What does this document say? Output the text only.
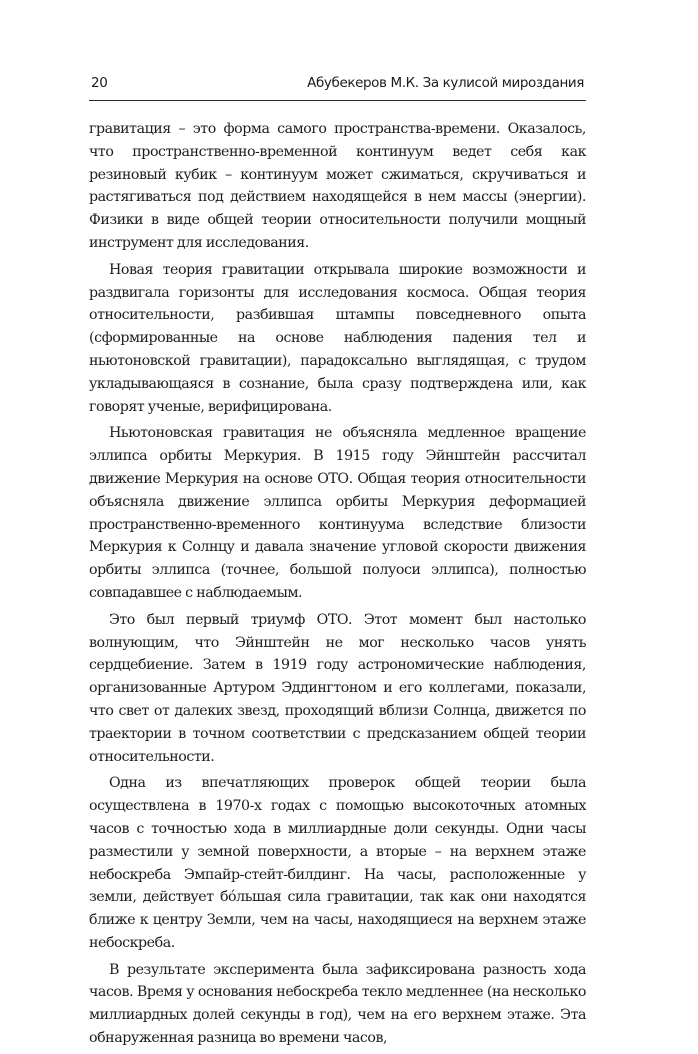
20	Абубекеров М.К. За кулисой мироздания

гравитация – это форма самого пространства-времени. Оказалось, что пространственно-временной континуум ведет себя как резиновый кубик – континуум может сжиматься, скручиваться и растягиваться под действием находящейся в нем массы (энергии). Физики в виде общей теории относительности получили мощный инструмент для исследования.

Новая теория гравитации открывала широкие возможности и раздвигала горизонты для исследования космоса. Общая теория относительности, разбившая штампы повседневного опыта (сформированные на основе наблюдения падения тел и ньютоновской гравитации), парадоксально выглядящая, с трудом укладывающаяся в сознание, была сразу подтверждена или, как говорят ученые, верифицирована.

Ньютоновская гравитация не объясняла медленное вращение эллипса орбиты Меркурия. В 1915 году Эйнштейн рассчитал движение Меркурия на основе ОТО. Общая теория относительности объясняла движение эллипса орбиты Меркурия деформацией пространственно-временного континуума вследствие близости Меркурия к Солнцу и давала значение угловой скорости движения орбиты эллипса (точнее, большой полуоси эллипса), полностью совпадавшее с наблюдаемым.

Это был первый триумф ОТО. Этот момент был настолько волнующим, что Эйнштейн не мог несколько часов унять сердцебиение. Затем в 1919 году астрономические наблюдения, организованные Артуром Эддингтоном и его коллегами, показали, что свет от далеких звезд, проходящий вблизи Солнца, движется по траектории в точном соответствии с предсказанием общей теории относительности.

Одна из впечатляющих проверок общей теории была осуществлена в 1970-х годах с помощью высокоточных атомных часов с точностью хода в миллиардные доли секунды. Одни часы разместили у земной поверхности, а вторые – на верхнем этаже небоскреба Эмпайр-стейт-билдинг. На часы, расположенные у земли, действует бóльшая сила гравитации, так как они находятся ближе к центру Земли, чем на часы, находящиеся на верхнем этаже небоскреба.

В результате эксперимента была зафиксирована разность хода часов. Время у основания небоскреба текло медленнее (на несколько миллиардных долей секунды в год), чем на его верхнем этаже. Эта обнаруженная разница во времени часов,
